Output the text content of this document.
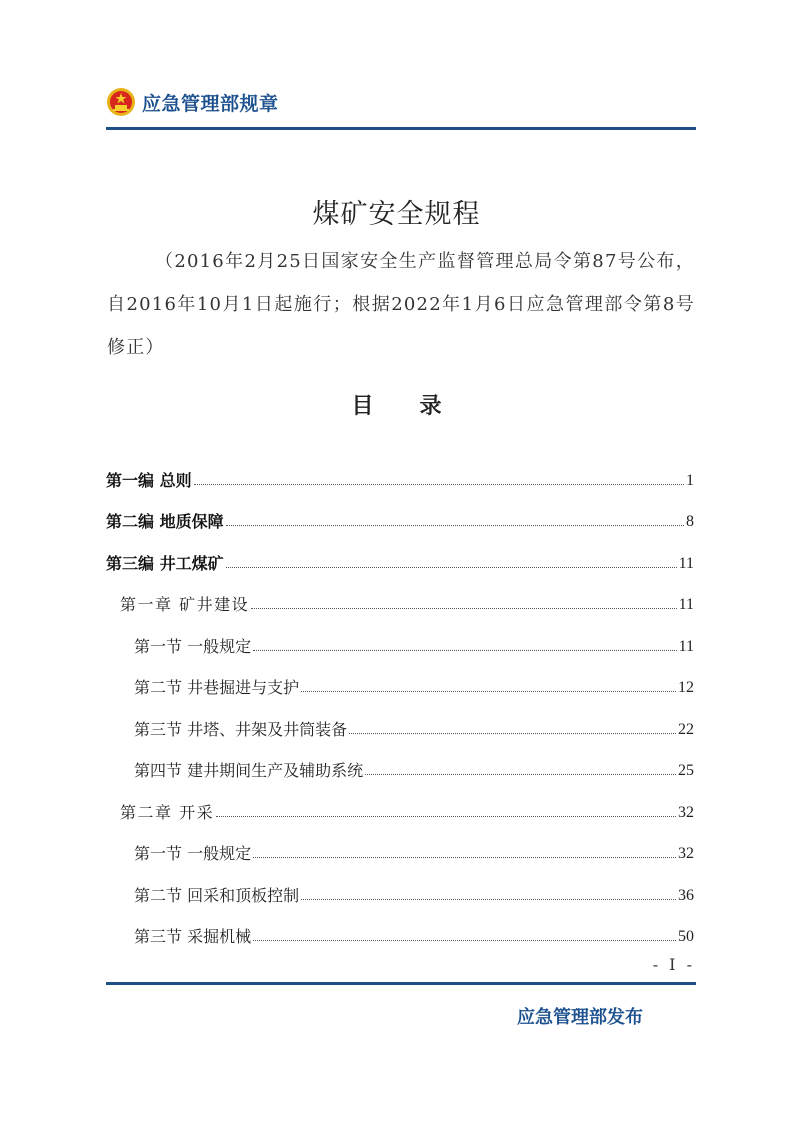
应急管理部规章
煤矿安全规程
（2016年2月25日国家安全生产监督管理总局令第87号公布，自2016年10月1日起施行；根据2022年1月6日应急管理部令第8号修正）
目录
第一编 总则	1
第二编 地质保障	8
第三编 井工煤矿	11
第一章 矿井建设	11
第一节 一般规定	11
第二节 井巷掘进与支护	12
第三节 井塔、井架及井筒装备	22
第四节 建井期间生产及辅助系统	25
第二章 开采	32
第一节 一般规定	32
第二节 回采和顶板控制	36
第三节 采掘机械	50
- I -
应急管理部发布
